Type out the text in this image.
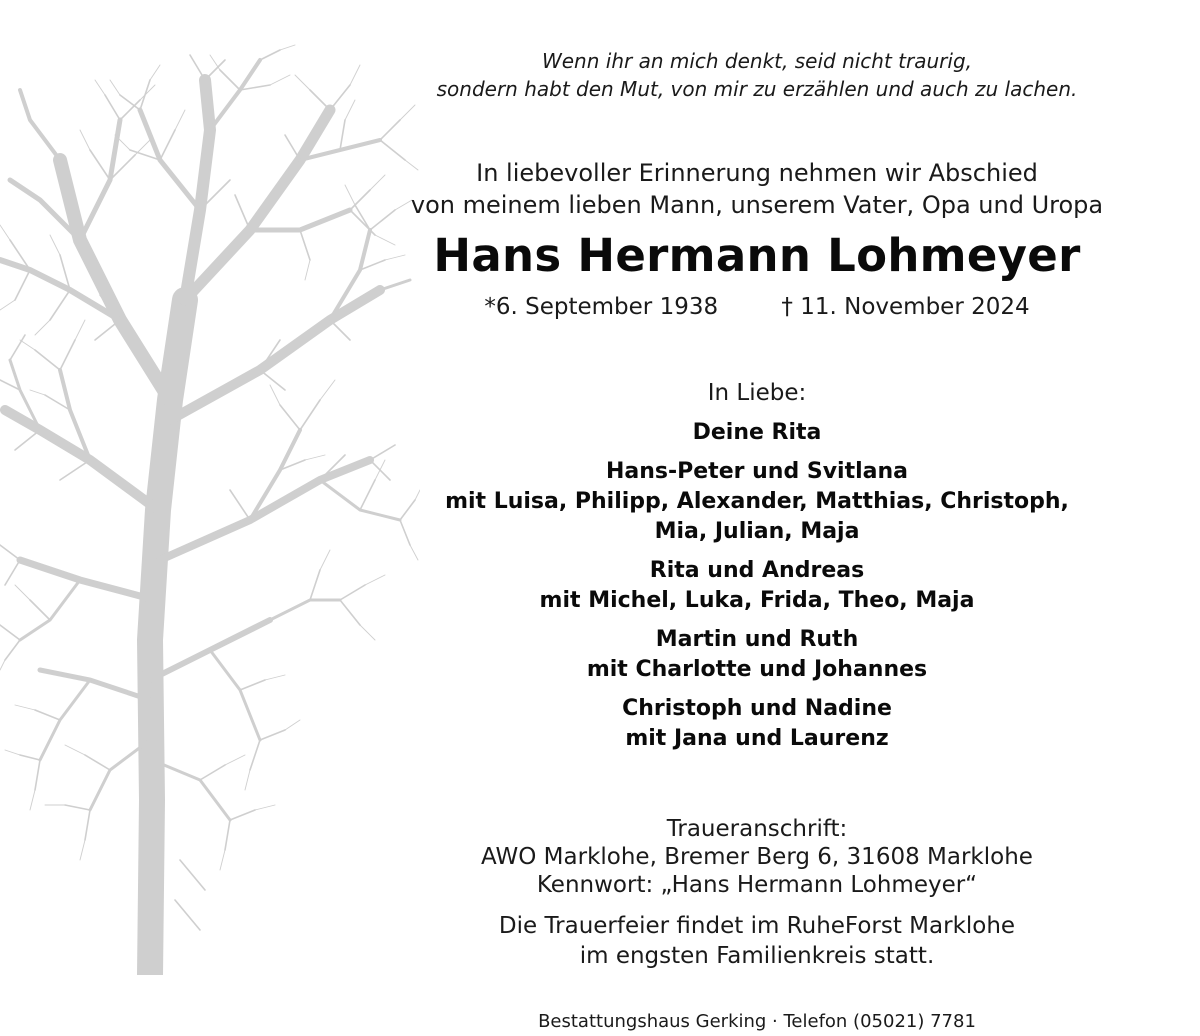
Wenn ihr an mich denkt, seid nicht traurig,
sondern habt den Mut, von mir zu erzählen und auch zu lachen.
In liebevoller Erinnerung nehmen wir Abschied
von meinem lieben Mann, unserem Vater, Opa und Uropa
Hans Hermann Lohmeyer
*6. September 1938	† 11. November 2024
In Liebe:
Deine Rita
Hans-Peter und Svitlana
mit Luisa, Philipp, Alexander, Matthias, Christoph,
Mia, Julian, Maja
Rita und Andreas
mit Michel, Luka, Frida, Theo, Maja
Martin und Ruth
mit Charlotte und Johannes
Christoph und Nadine
mit Jana und Laurenz
Traueranschrift:
AWO Marklohe, Bremer Berg 6, 31608 Marklohe
Kennwort: „Hans Hermann Lohmeyer“
Die Trauerfeier findet im RuheForst Marklohe
im engsten Familienkreis statt.
Bestattungshaus Gerking · Telefon (05021) 7781
